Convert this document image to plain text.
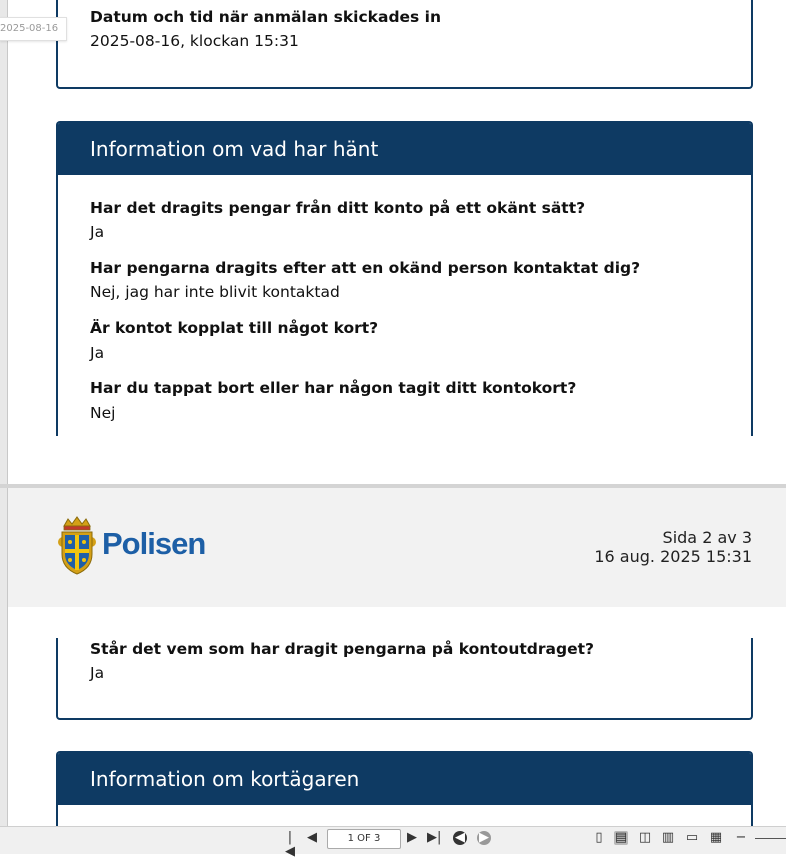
Datum och tid när anmälan skickades in
2025-08-16, klockan 15:31
Information om vad har hänt
Har det dragits pengar från ditt konto på ett okänt sätt?
Ja
Har pengarna dragits efter att en okänd person kontaktat dig?
Nej, jag har inte blivit kontaktad
Är kontot kopplat till något kort?
Ja
Har du tappat bort eller har någon tagit ditt kontokort?
Nej
2025-08-16
Polisen	Sida 2 av 3
16 aug. 2025 15:31
Står det vem som har dragit pengarna på kontoutdraget?
Ja
Information om kortägaren
|◀
◀	1 OF 3	▶ ▶| ◀ ▶	▯ ▤ ◫ ▥ ▭ ▦ −
